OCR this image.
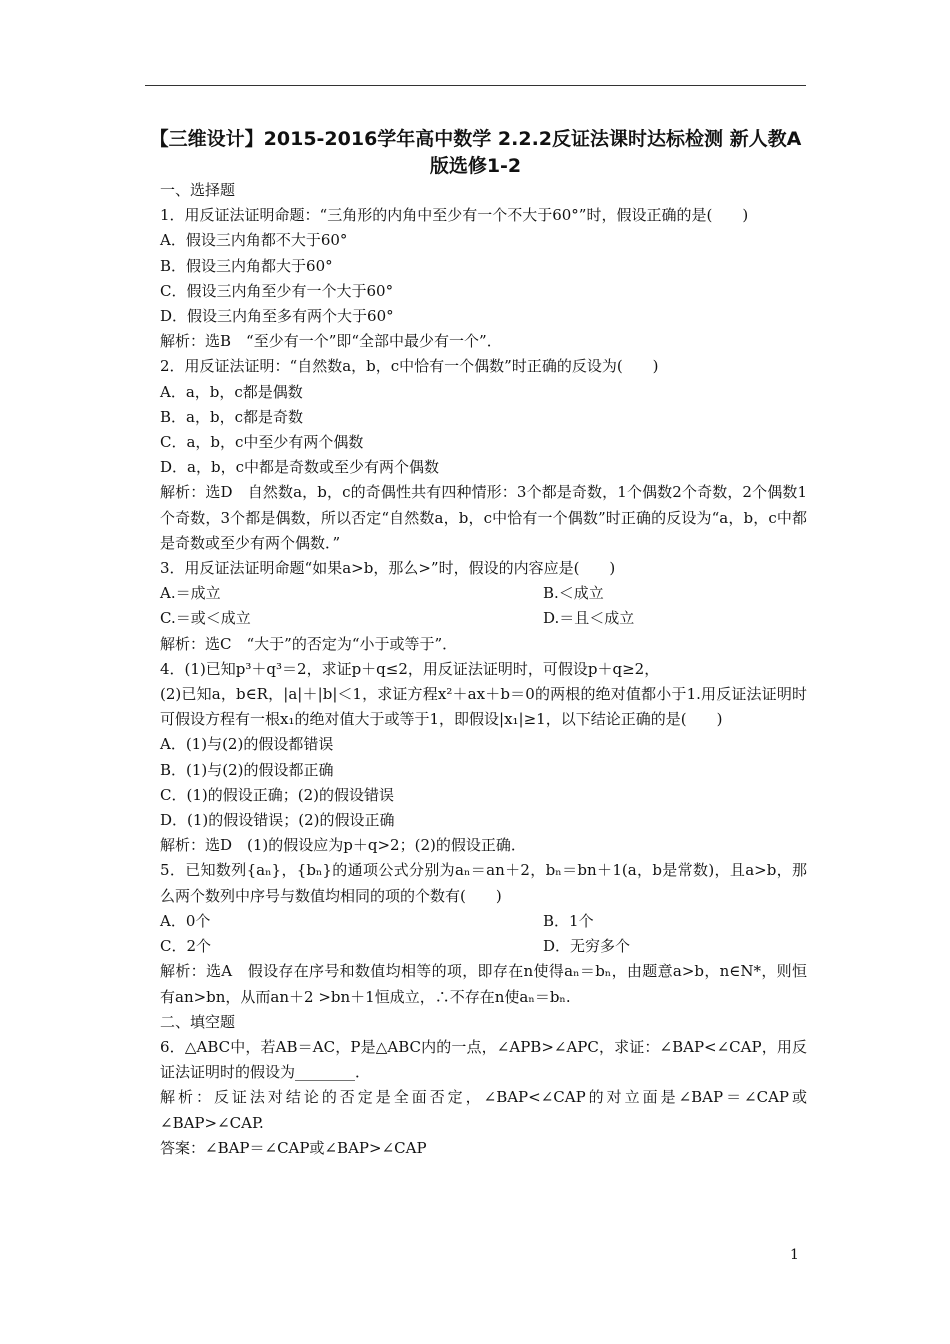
【三维设计】2015-2016学年高中数学 2.2.2反证法课时达标检测 新人教A版选修1-2
一、选择题
1．用反证法证明命题：“三角形的内角中至少有一个不大于60°”时，假设正确的是(　　)
A．假设三内角都不大于60°
B．假设三内角都大于60°
C．假设三内角至少有一个大于60°
D．假设三内角至多有两个大于60°
解析：选B　“至少有一个”即“全部中最少有一个”．
2．用反证法证明：“自然数a，b，c中恰有一个偶数”时正确的反设为(　　)
A．a，b，c都是偶数
B．a，b，c都是奇数
C．a，b，c中至少有两个偶数
D．a，b，c中都是奇数或至少有两个偶数
解析：选D　自然数a，b，c的奇偶性共有四种情形：3个都是奇数，1个偶数2个奇数，2个偶数1个奇数，3个都是偶数，所以否定“自然数a，b，c中恰有一个偶数”时正确的反设为“a，b，c中都是奇数或至少有两个偶数．”
3．用反证法证明命题“如果a>b，那么>”时，假设的内容应是(　　)
A.＝成立	B.＜成立
C.＝或＜成立	D.＝且＜成立
解析：选C　“大于”的否定为“小于或等于”．
4．(1)已知p³＋q³＝2，求证p＋q≤2，用反证法证明时，可假设p＋q≥2，
(2)已知a，b∈R，|a|＋|b|＜1，求证方程x²＋ax＋b＝0的两根的绝对值都小于1.用反证法证明时可假设方程有一根x₁的绝对值大于或等于1，即假设|x₁|≥1，以下结论正确的是(　　)
A．(1)与(2)的假设都错误
B．(1)与(2)的假设都正确
C．(1)的假设正确；(2)的假设错误
D．(1)的假设错误；(2)的假设正确
解析：选D　(1)的假设应为p＋q>2；(2)的假设正确．
5．已知数列{aₙ}，{bₙ}的通项公式分别为aₙ＝an＋2，bₙ＝bn＋1(a，b是常数)，且a>b，那么两个数列中序号与数值均相同的项的个数有(　　)
A．0个	B．1个
C．2个	D．无穷多个
解析：选A　假设存在序号和数值均相等的项，即存在n使得aₙ＝bₙ，由题意a>b，n∈N*，则恒有an>bn，从而an＋2 >bn＋1恒成立，∴不存在n使aₙ＝bₙ.
二、填空题
6．△ABC中，若AB＝AC，P是△ABC内的一点，∠APB>∠APC，求证：∠BAP<∠CAP，用反证法证明时的假设为________．
解析：反证法对结论的否定是全面否定，∠BAP<∠CAP的对立面是∠BAP＝∠CAP或∠BAP>∠CAP.
答案：∠BAP＝∠CAP或∠BAP>∠CAP
1
